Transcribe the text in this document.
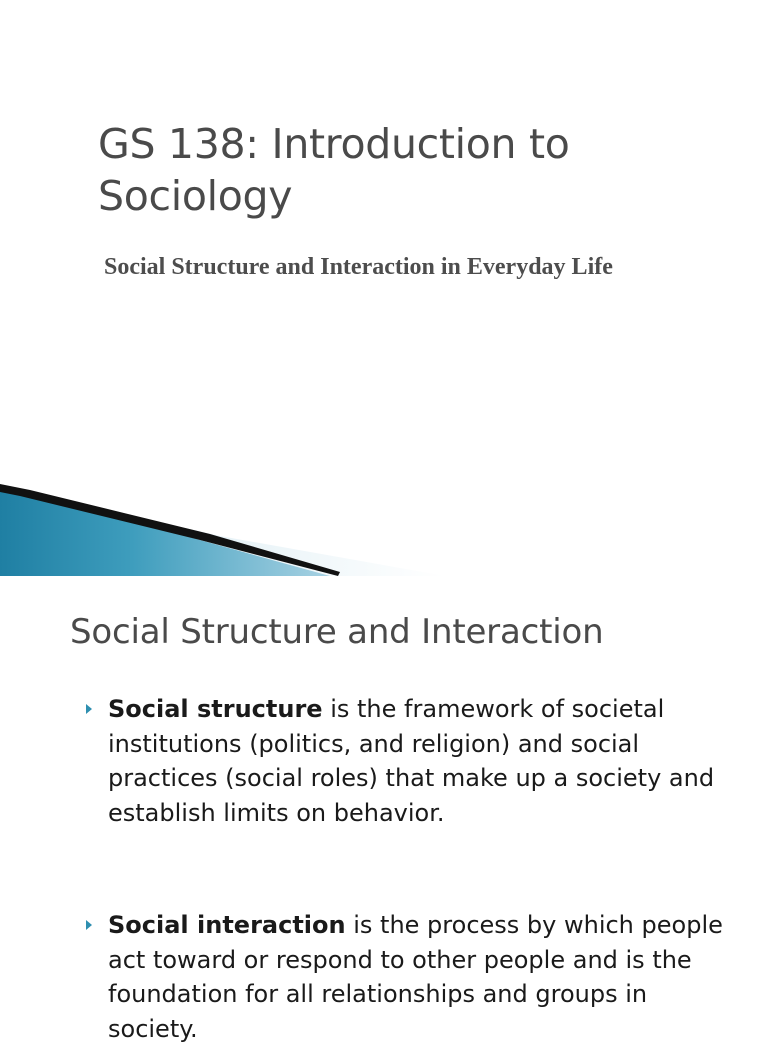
GS 138: Introduction to Sociology
Social Structure and Interaction in Everyday Life
Social Structure and Interaction
Social structure is the framework of societal institutions (politics, and religion) and social practices (social roles) that make up a society and establish limits on behavior.
Social interaction is the process by which people act toward or respond to other people and is the foundation for all relationships and groups in society.
